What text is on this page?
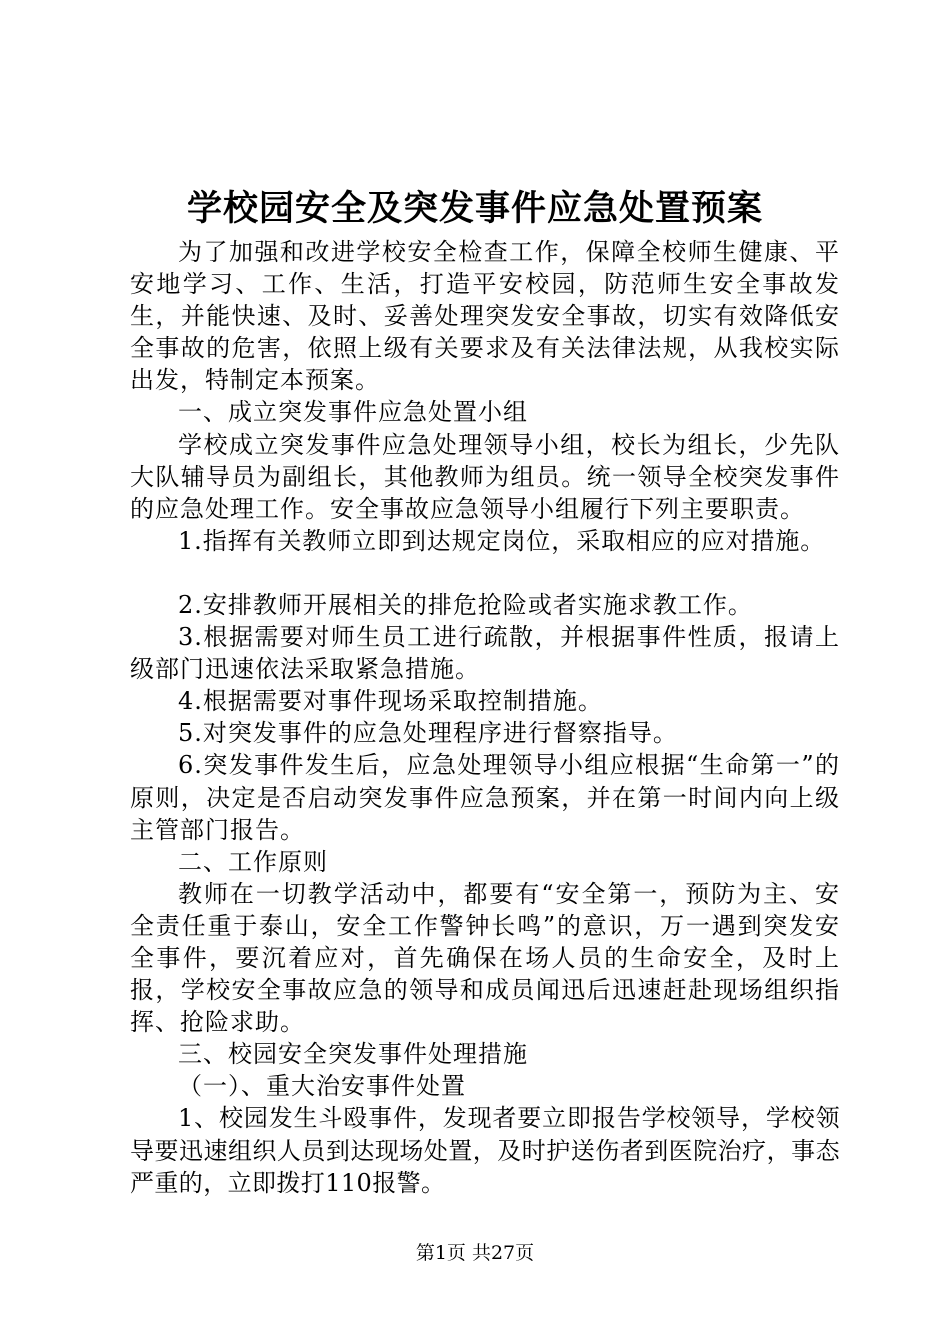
学校园安全及突发事件应急处置预案

为了加强和改进学校安全检查工作，保障全校师生健康、平安地学习、工作、生活，打造平安校园，防范师生安全事故发生，并能快速、及时、妥善处理突发安全事故，切实有效降低安全事故的危害，依照上级有关要求及有关法律法规，从我校实际出发，特制定本预案。

一、成立突发事件应急处置小组

学校成立突发事件应急处理领导小组，校长为组长，少先队大队辅导员为副组长，其他教师为组员。统一领导全校突发事件的应急处理工作。安全事故应急领导小组履行下列主要职责。

1.指挥有关教师立即到达规定岗位，采取相应的应对措施。

2.安排教师开展相关的排危抢险或者实施求教工作。

3.根据需要对师生员工进行疏散，并根据事件性质，报请上级部门迅速依法采取紧急措施。

4.根据需要对事件现场采取控制措施。

5.对突发事件的应急处理程序进行督察指导。

6.突发事件发生后，应急处理领导小组应根据“生命第一”的原则，决定是否启动突发事件应急预案，并在第一时间内向上级主管部门报告。

二、工作原则

教师在一切教学活动中，都要有“安全第一，预防为主、安全责任重于泰山，安全工作警钟长鸣”的意识，万一遇到突发安全事件，要沉着应对，首先确保在场人员的生命安全，及时上报，学校安全事故应急的领导和成员闻迅后迅速赶赴现场组织指挥、抢险求助。

三、校园安全突发事件处理措施

（一）、重大治安事件处置

1、校园发生斗殴事件，发现者要立即报告学校领导，学校领导要迅速组织人员到达现场处置，及时护送伤者到医院治疗，事态严重的，立即拨打110报警。

第1页 共27页
